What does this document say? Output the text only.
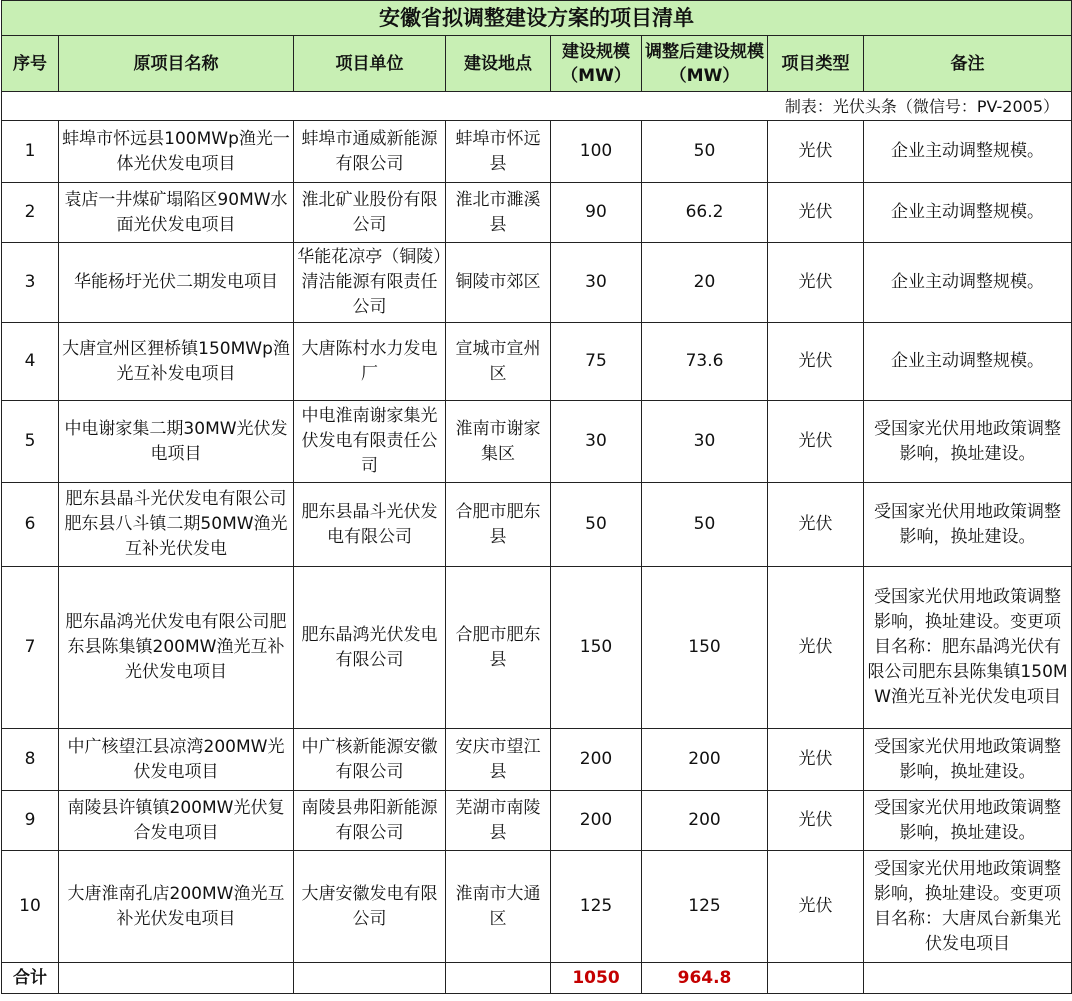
安徽省拟调整建设方案的项目清单							
序号	原项目名称	项目单位	建设地点	建设规模（MW）	调整后建设规模（MW）	项目类型	备注
制表：光伏头条（微信号：PV-2005）							
1	蚌埠市怀远县100MWp渔光一体光伏发电项目	蚌埠市通威新能源有限公司	蚌埠市怀远县	100	50	光伏	企业主动调整规模。
2	袁店一井煤矿塌陷区90MW水面光伏发电项目	淮北矿业股份有限公司	淮北市濉溪县	90	66.2	光伏	企业主动调整规模。
3	华能杨圩光伏二期发电项目	华能花凉亭（铜陵）清洁能源有限责任公司	铜陵市郊区	30	20	光伏	企业主动调整规模。
4	大唐宣州区狸桥镇150MWp渔光互补发电项目	大唐陈村水力发电厂	宣城市宣州区	75	73.6	光伏	企业主动调整规模。
5	中电谢家集二期30MW光伏发电项目	中电淮南谢家集光伏发电有限责任公司	淮南市谢家集区	30	30	光伏	受国家光伏用地政策调整影响，换址建设。
6	肥东县晶斗光伏发电有限公司肥东县八斗镇二期50MW渔光互补光伏发电	肥东县晶斗光伏发电有限公司	合肥市肥东县	50	50	光伏	受国家光伏用地政策调整影响，换址建设。
7	肥东晶鸿光伏发电有限公司肥东县陈集镇200MW渔光互补光伏发电项目	肥东晶鸿光伏发电有限公司	合肥市肥东县	150	150	光伏	受国家光伏用地政策调整影响，换址建设。变更项目名称：肥东晶鸿光伏有限公司肥东县陈集镇150MW渔光互补光伏发电项目
8	中广核望江县凉湾200MW光伏发电项目	中广核新能源安徽有限公司	安庆市望江县	200	200	光伏	受国家光伏用地政策调整影响，换址建设。
9	南陵县许镇镇200MW光伏复合发电项目	南陵县弗阳新能源有限公司	芜湖市南陵县	200	200	光伏	受国家光伏用地政策调整影响，换址建设。
10	大唐淮南孔店200MW渔光互补光伏发电项目	大唐安徽发电有限公司	淮南市大通区	125	125	光伏	受国家光伏用地政策调整影响，换址建设。变更项目名称：大唐凤台新集光伏发电项目
合计				1050	964.8		
